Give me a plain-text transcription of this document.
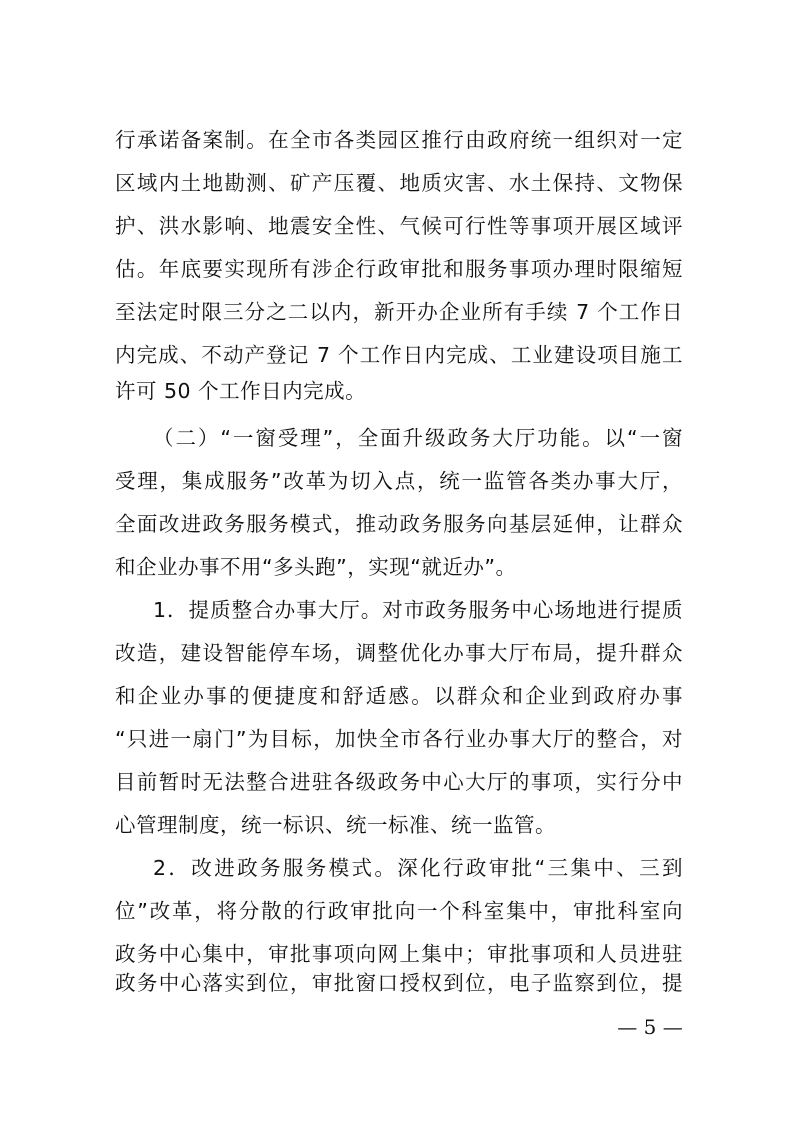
行承诺备案制。在全市各类园区推行由政府统一组织对一定
区域内土地勘测、矿产压覆、地质灾害、水土保持、文物保
护、洪水影响、地震安全性、气候可行性等事项开展区域评
估。年底要实现所有涉企行政审批和服务事项办理时限缩短
至法定时限三分之二以内，新开办企业所有手续 7 个工作日
内完成、不动产登记 7 个工作日内完成、工业建设项目施工
许可 50 个工作日内完成。
（二）“一窗受理”，全面升级政务大厅功能。以“一窗
受理，集成服务”改革为切入点，统一监管各类办事大厅，
全面改进政务服务模式，推动政务服务向基层延伸，让群众
和企业办事不用“多头跑”，实现“就近办”。
1．提质整合办事大厅。对市政务服务中心场地进行提质
改造，建设智能停车场，调整优化办事大厅布局，提升群众
和企业办事的便捷度和舒适感。以群众和企业到政府办事
“只进一扇门”为目标，加快全市各行业办事大厅的整合，对
目前暂时无法整合进驻各级政务中心大厅的事项，实行分中
心管理制度，统一标识、统一标准、统一监管。
2．改进政务服务模式。深化行政审批“三集中、三到
位”改革，将分散的行政审批向一个科室集中，审批科室向
政务中心集中，审批事项向网上集中；审批事项和人员进驻
政务中心落实到位，审批窗口授权到位，电子监察到位，提
— 5 —
